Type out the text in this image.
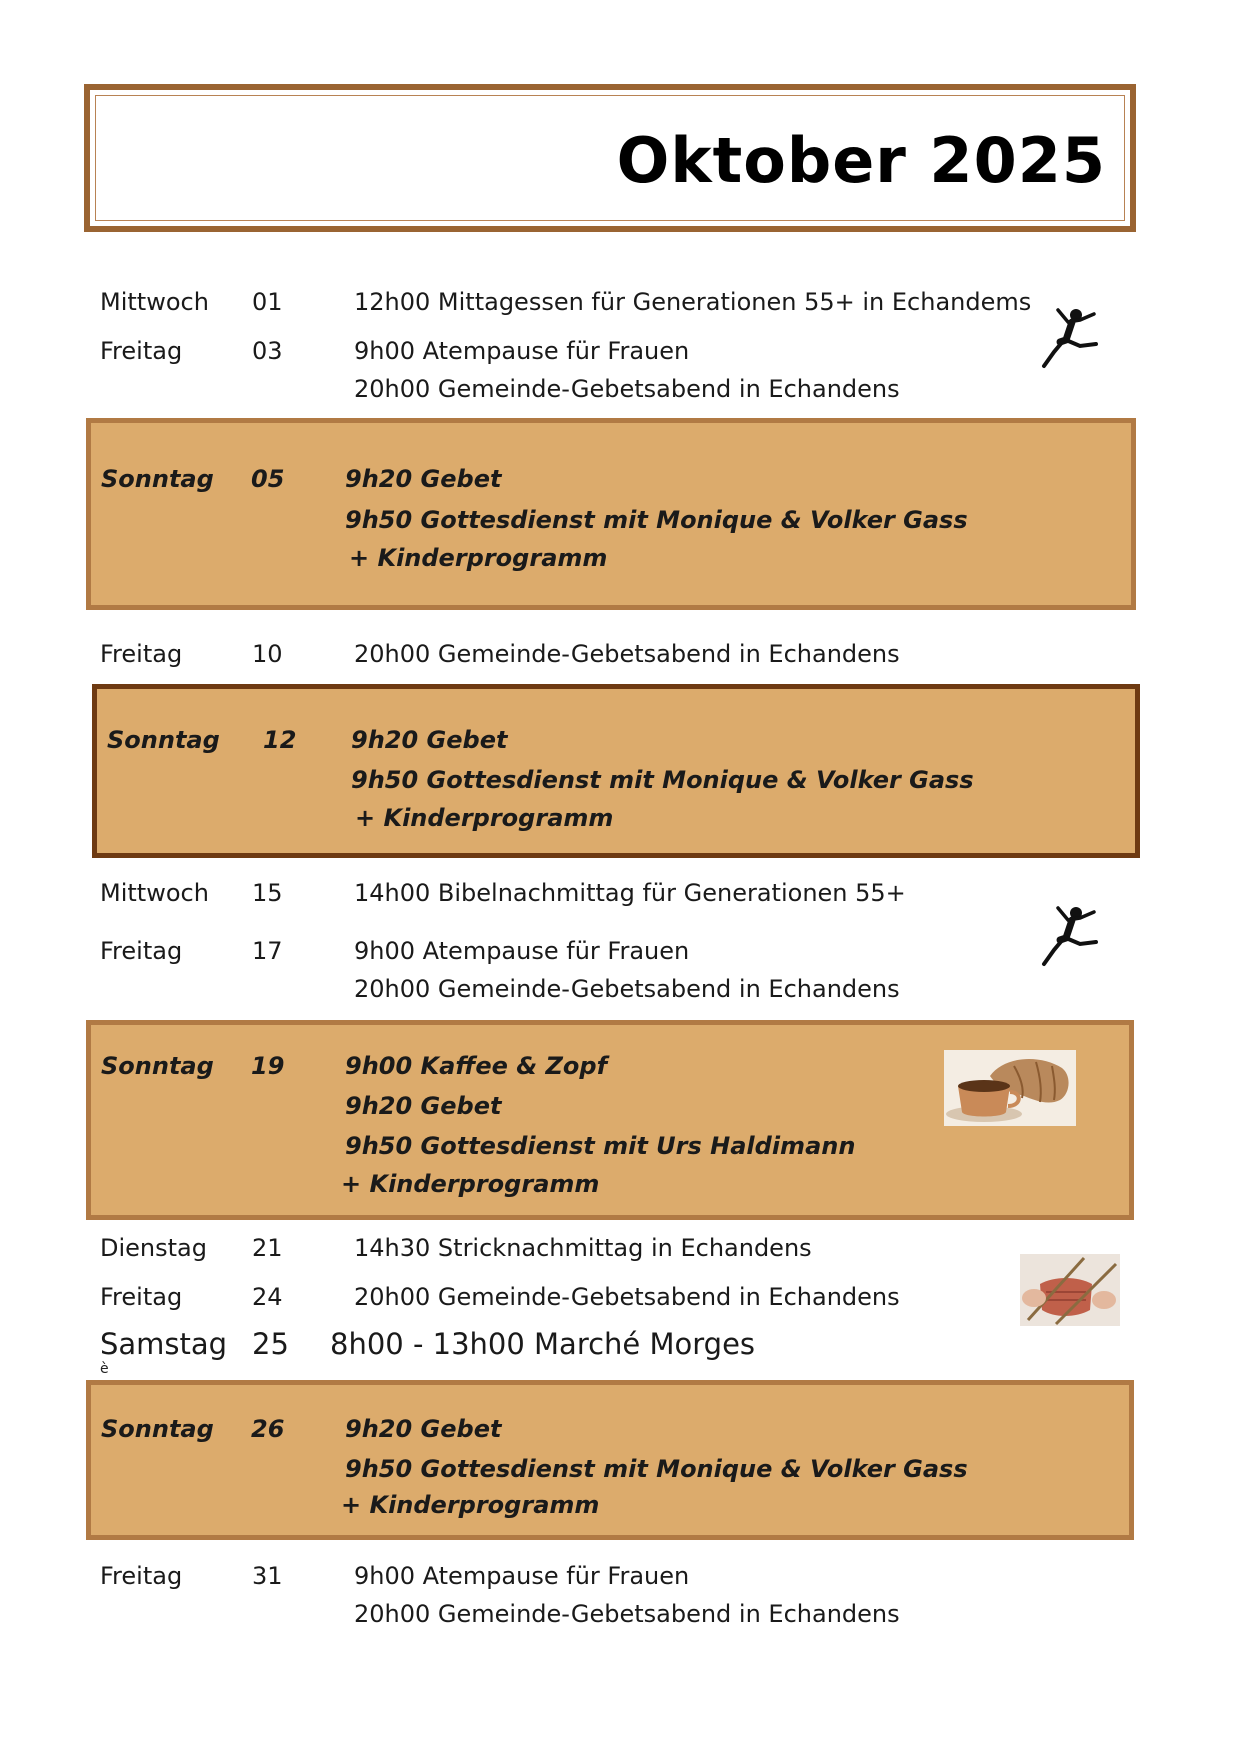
Oktober 2025
Mittwoch 01	12h00 Mittagessen für Generationen 55+ in Echandems
Freitag	03	9h00 Atempause für Frauen
20h00 Gemeinde-Gebetsabend in Echandens
Sonntag 05	9h20 Gebet
9h50 Gottesdienst mit Monique & Volker Gass
+ Kinderprogramm
Freitag	10	20h00 Gemeinde-Gebetsabend in Echandens
Sonntag 12 9h20 Gebet
9h50 Gottesdienst mit Monique & Volker Gass
+ Kinderprogramm
Mittwoch 15	14h00 Bibelnachmittag für Generationen 55+
Freitag	17	9h00 Atempause für Frauen
20h00 Gemeinde-Gebetsabend in Echandens
Sonntag 19	9h00 Kaffee & Zopf
9h20 Gebet
9h50 Gottesdienst mit Urs Haldimann
+ Kinderprogramm
Dienstag 21	14h30 Stricknachmittag in Echandens
Freitag	24	20h00 Gemeinde-Gebetsabend in Echandens
Samstag 25 8h00 - 13h00 Marché Morges
è
Sonntag 26	9h20 Gebet
9h50 Gottesdienst mit Monique & Volker Gass
+ Kinderprogramm
Freitag	31	9h00 Atempause für Frauen
20h00 Gemeinde-Gebetsabend in Echandens
